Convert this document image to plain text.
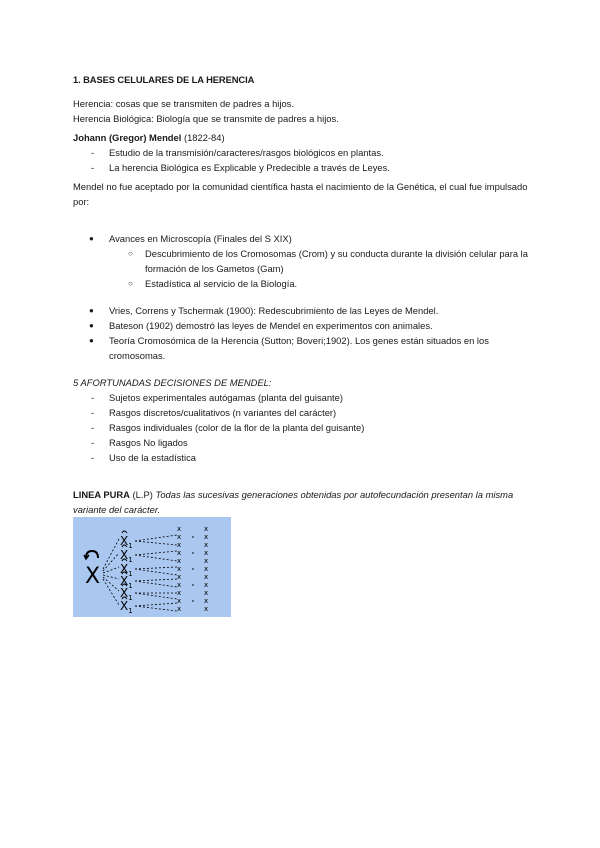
1. BASES CELULARES DE LA HERENCIA

Herencia: cosas que se transmiten de padres a hijos.

Herencia Biológica: Biología que se transmite de padres a hijos.

Johann (Gregor) Mendel (1822-84)

- Estudio de la transmisión/caracteres/rasgos biológicos en plantas.
- La herencia Biológica es Explicable y Predecible a través de Leyes.

Mendel no fue aceptado por la comunidad científica hasta el nacimiento de la Genética, el cual fue impulsado por:

● Avances en Microscopía (Finales del S XIX)
○ Descubrimiento de los Cromosomas (Crom) y su conducta durante la división celular para la formación de los Gametos (Gam)
○ Estadística al servicio de la Biología.
● Vries, Correns y Tschermak (1900): Redescubrimiento de las Leyes de Mendel.
● Bateson (1902) demostró las leyes de Mendel en experimentos con animales.
● Teoría Cromosómica de la Herencia (Sutton; Boveri;1902). Los genes están situados en los cromosomas.

5 AFORTUNADAS DECISIONES DE MENDEL:

- Sujetos experimentales autógamas (planta del guisante)
- Rasgos discretos/cualitativos (n variantes del carácter)
- Rasgos individuales (color de la flor de la planta del guisante)
- Rasgos No ligados
- Uso de la estadística

LINEA PURA (L.P) Todas las sucesivas generaciones obtenidas por autofecundación presentan la misma variante del carácter.

X
$X_1$
$X_1$
$X_1$
$X_1$
$X_1$
$X_1$
x
x
x
x
x
x
x
x
x
x
x
x
x
x
x
x
x
x
x
x
x
x
